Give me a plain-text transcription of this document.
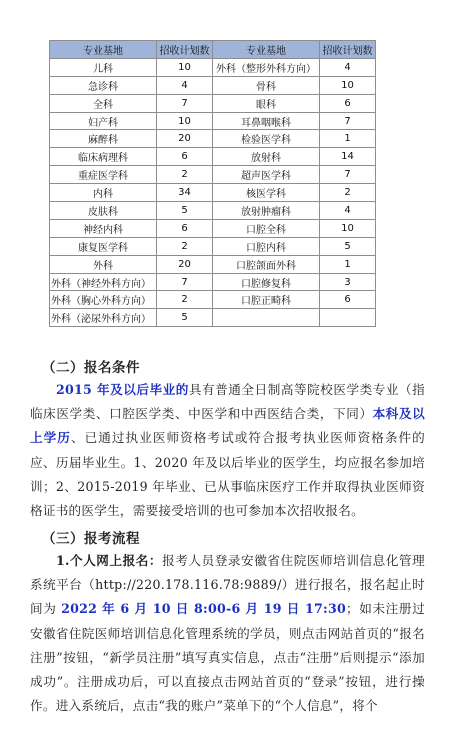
专业基地	招收计划数	专业基地	招收计划数
儿科	10	外科（整形外科方向）	4
急诊科	4	骨科	10
全科	7	眼科	6
妇产科	10	耳鼻咽喉科	7
麻醉科	20	检验医学科	1
临床病理科	6	放射科	14
重症医学科	2	超声医学科	7
内科	34	核医学科	2
皮肤科	5	放射肿瘤科	4
神经内科	6	口腔全科	10
康复医学科	2	口腔内科	5
外科	20	口腔颌面外科	1
外科（神经外科方向）	7	口腔修复科	3
外科（胸心外科方向）	2	口腔正畸科	6
外科（泌尿外科方向）	5		
（二）报名条件
2015 年及以后毕业的具有普通全日制高等院校医学类专业（指临床医学类、口腔医学类、中医学和中西医结合类，下同）本科及以上学历、已通过执业医师资格考试或符合报考执业医师资格条件的应、历届毕业生。1、2020 年及以后毕业的医学生，均应报名参加培训；2、2015-2019 年毕业、已从事临床医疗工作并取得执业医师资格证书的医学生，需要接受培训的也可参加本次招收报名。
（三）报考流程
1.个人网上报名：报考人员登录安徽省住院医师培训信息化管理系统平台（http://220.178.116.78:9889/）进行报名，报名起止时间为 2022 年 6 月 10 日 8:00-6 月 19 日 17:30；如未注册过安徽省住院医师培训信息化管理系统的学员，则点击网站首页的“报名注册”按钮，“新学员注册”填写真实信息，点击“注册”后则提示“添加成功”。注册成功后，可以直接点击网站首页的“登录”按钮，进行操作。进入系统后，点击“我的账户”菜单下的“个人信息”，将个
